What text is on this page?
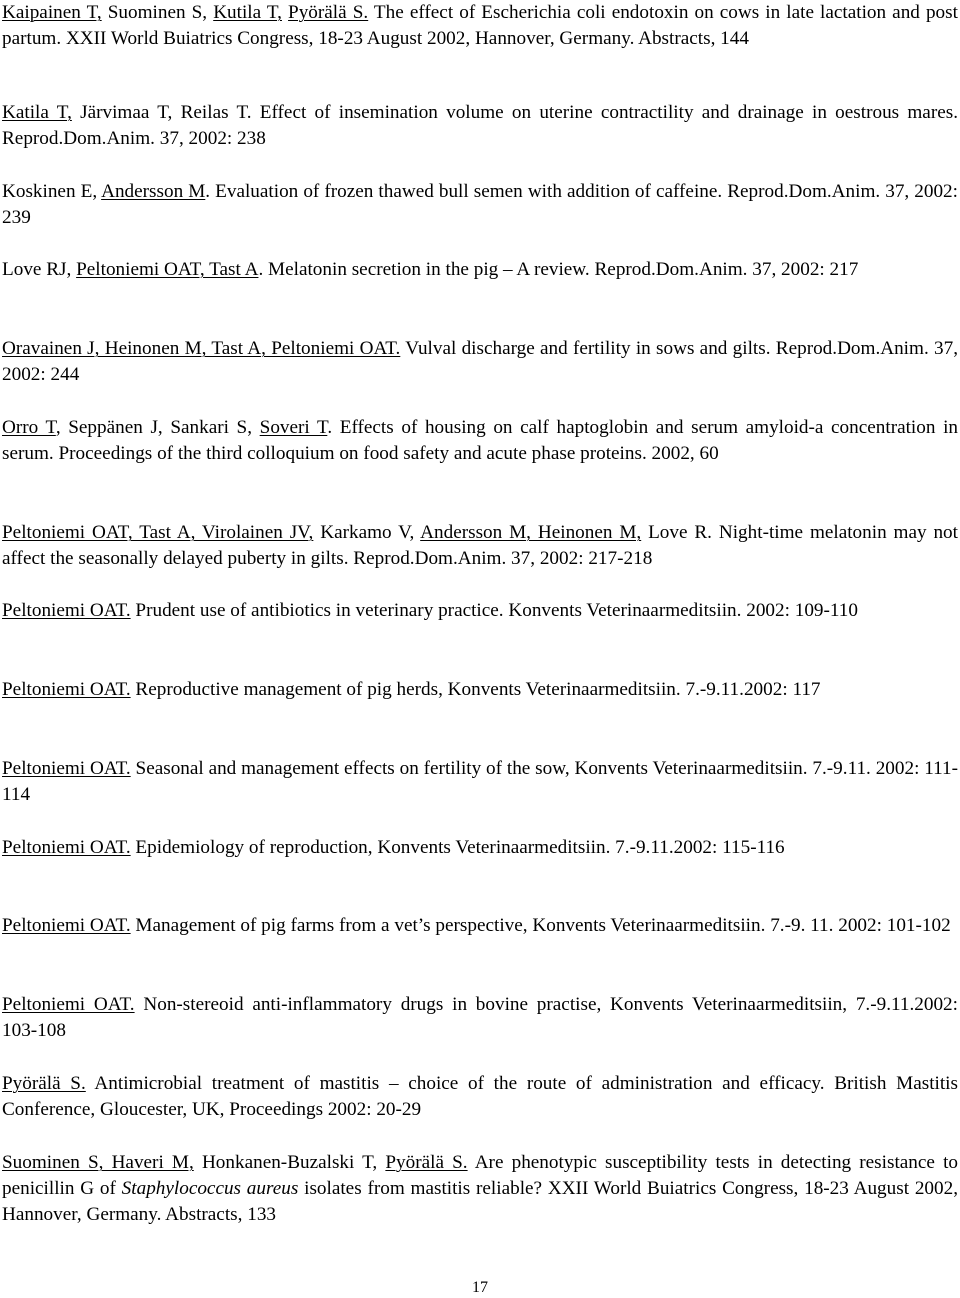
Kaipainen T, Suominen S, Kutila T, Pyörälä S. The effect of Escherichia coli endotoxin on cows in late lactation and post partum. XXII World Buiatrics Congress, 18-23 August 2002, Hannover, Germany. Abstracts, 144
Katila T, Järvimaa T, Reilas T. Effect of insemination volume on uterine contractility and drainage in oestrous mares. Reprod.Dom.Anim. 37, 2002: 238
Koskinen E, Andersson M. Evaluation of frozen thawed bull semen with addition of caffeine. Reprod.Dom.Anim. 37, 2002: 239
Love RJ, Peltoniemi OAT, Tast A. Melatonin secretion in the pig – A review. Reprod.Dom.Anim. 37, 2002: 217
Oravainen J, Heinonen M, Tast A, Peltoniemi OAT. Vulval discharge and fertility in sows and gilts. Reprod.Dom.Anim. 37, 2002: 244
Orro T, Seppänen J, Sankari S, Soveri T. Effects of housing on calf haptoglobin and serum amyloid-a concentration in serum. Proceedings of the third colloquium on food safety and acute phase proteins. 2002, 60
Peltoniemi OAT, Tast A, Virolainen JV, Karkamo V, Andersson M, Heinonen M, Love R. Night-time melatonin may not affect the seasonally delayed puberty in gilts. Reprod.Dom.Anim. 37, 2002: 217-218
Peltoniemi OAT. Prudent use of antibiotics in veterinary practice. Konvents Veterinaarmeditsiin. 2002: 109-110
Peltoniemi OAT. Reproductive management of pig herds, Konvents Veterinaarmeditsiin. 7.-9.11.2002: 117
Peltoniemi OAT. Seasonal and management effects on fertility of the sow, Konvents Veterinaarmeditsiin. 7.-9.11. 2002: 111-114
Peltoniemi OAT. Epidemiology of reproduction, Konvents Veterinaarmeditsiin. 7.-9.11.2002: 115-116
Peltoniemi OAT. Management of pig farms from a vet’s perspective, Konvents Veterinaarmeditsiin. 7.-9. 11. 2002: 101-102
Peltoniemi OAT. Non-stereoid anti-inflammatory drugs in bovine practise, Konvents Veterinaarmeditsiin, 7.-9.11.2002: 103-108
Pyörälä S. Antimicrobial treatment of mastitis – choice of the route of administration and efficacy. British Mastitis Conference, Gloucester, UK, Proceedings 2002: 20-29
Suominen S, Haveri M, Honkanen-Buzalski T, Pyörälä S. Are phenotypic susceptibility tests in detecting resistance to penicillin G of Staphylococcus aureus isolates from mastitis reliable? XXII World Buiatrics Congress, 18-23 August 2002, Hannover, Germany. Abstracts, 133
17
